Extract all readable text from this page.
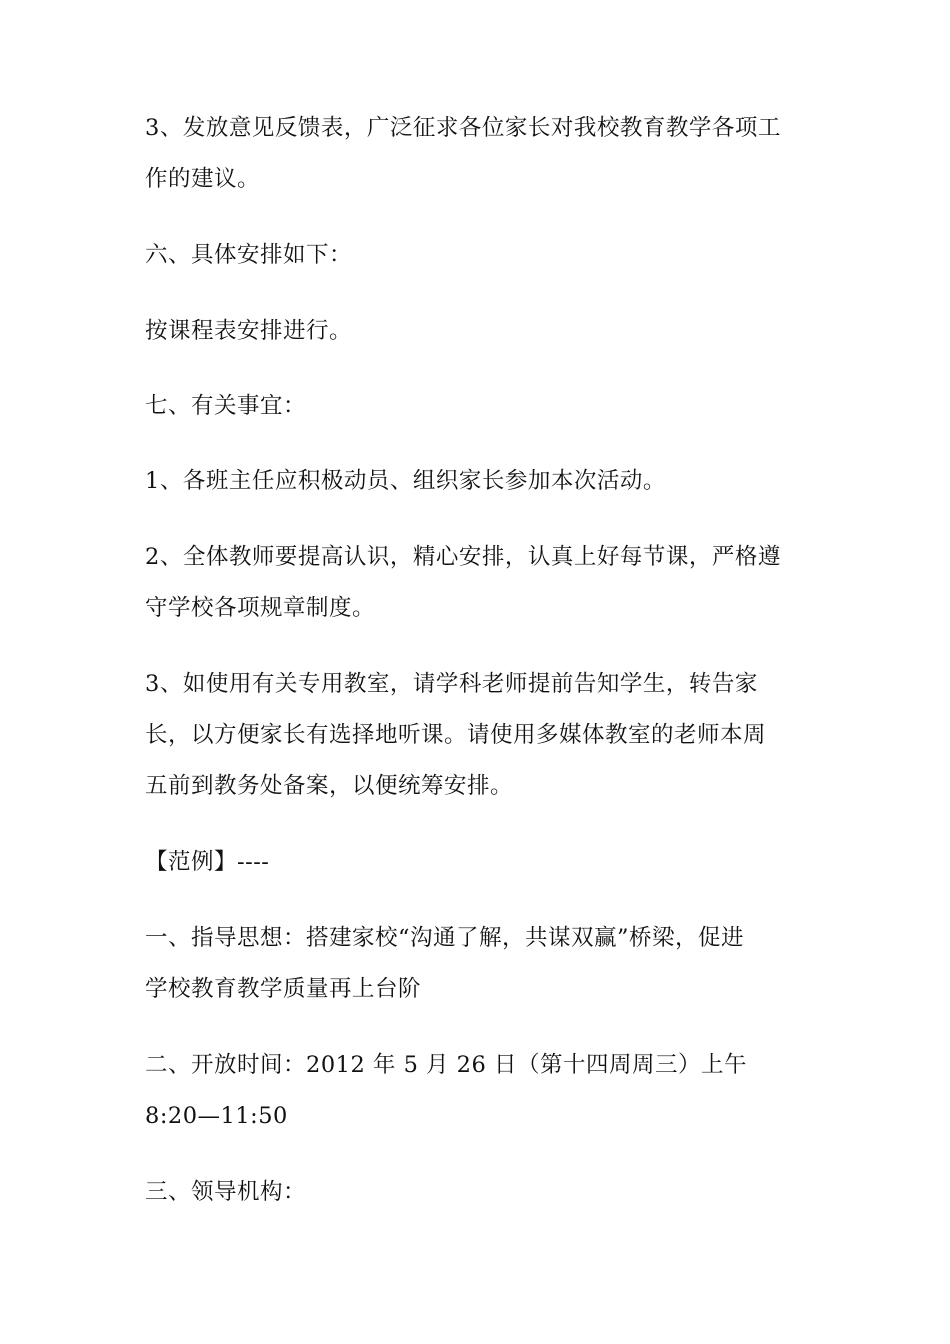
3、发放意见反馈表，广泛征求各位家长对我校教育教学各项工
作的建议。
六、具体安排如下：
按课程表安排进行。
七、有关事宜：
1、各班主任应积极动员、组织家长参加本次活动。
2、全体教师要提高认识，精心安排，认真上好每节课，严格遵
守学校各项规章制度。
3、如使用有关专用教室，请学科老师提前告知学生，转告家
长，以方便家长有选择地听课。请使用多媒体教室的老师本周
五前到教务处备案，以便统筹安排。
【范例】----
一、指导思想：搭建家校“沟通了解，共谋双赢”桥梁，促进
学校教育教学质量再上台阶
二、开放时间：2012 年 5 月 26 日（第十四周周三）上午
8:20—11:50
三、领导机构：
